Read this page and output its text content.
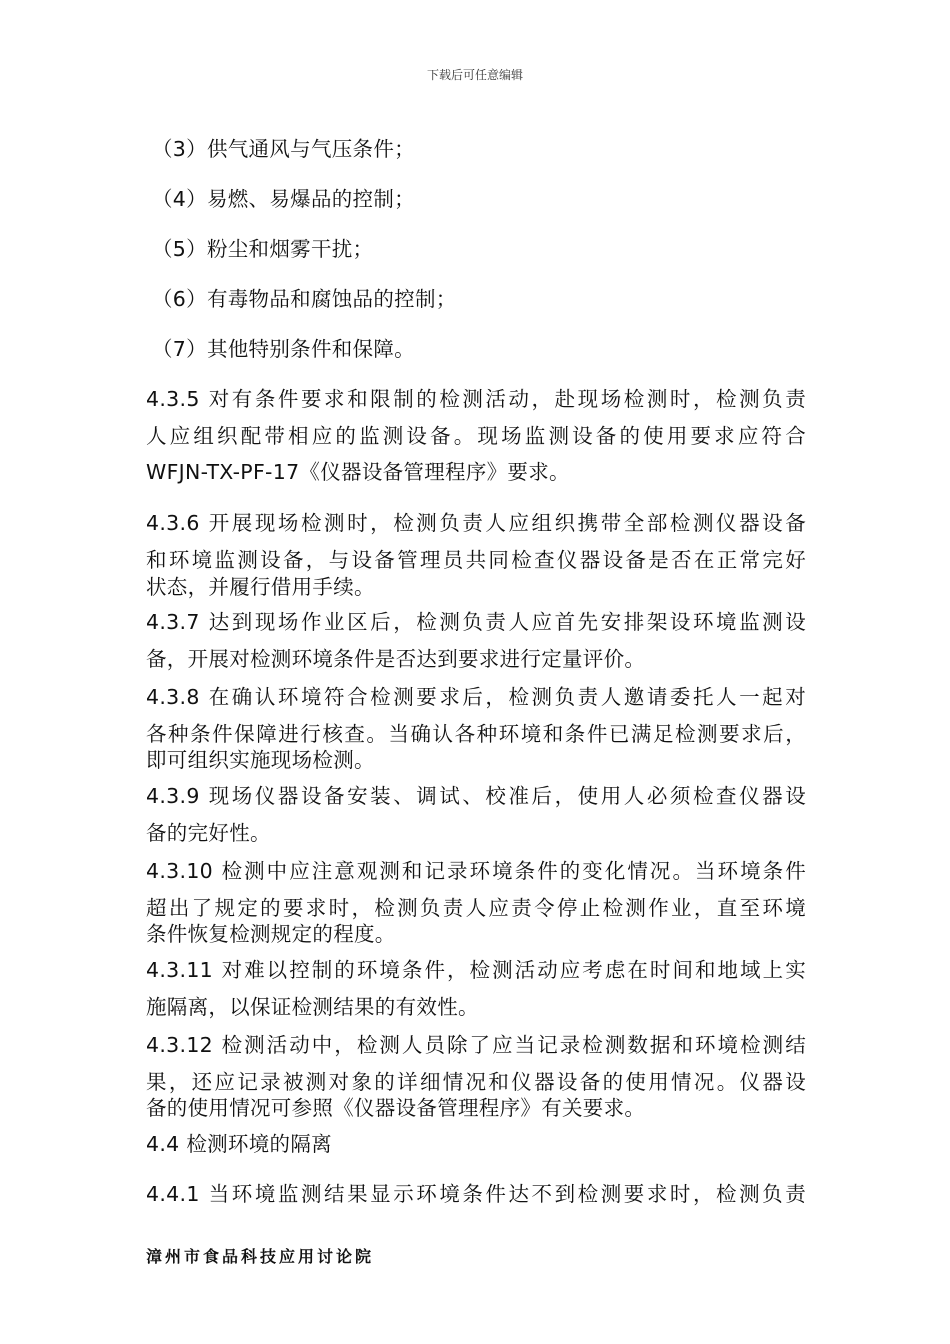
下载后可任意编辑
（3）供气通风与气压条件；
（4）易燃、易爆品的控制；
（5）粉尘和烟雾干扰；
（6）有毒物品和腐蚀品的控制；
（7）其他特别条件和保障。
4.3.5 对有条件要求和限制的检测活动，赴现场检测时，检测负责
人应组织配带相应的监测设备。现场监测设备的使用要求应符合
WFJN-TX-PF-17《仪器设备管理程序》要求。
4.3.6 开展现场检测时，检测负责人应组织携带全部检测仪器设备
和环境监测设备，与设备管理员共同检查仪器设备是否在正常完好
状态，并履行借用手续。
4.3.7 达到现场作业区后，检测负责人应首先安排架设环境监测设
备，开展对检测环境条件是否达到要求进行定量评价。
4.3.8 在确认环境符合检测要求后，检测负责人邀请委托人一起对
各种条件保障进行核查。当确认各种环境和条件已满足检测要求后，
即可组织实施现场检测。
4.3.9 现场仪器设备安装、调试、校准后，使用人必须检查仪器设
备的完好性。
4.3.10 检测中应注意观测和记录环境条件的变化情况。当环境条件
超出了规定的要求时，检测负责人应责令停止检测作业，直至环境
条件恢复检测规定的程度。
4.3.11 对难以控制的环境条件，检测活动应考虑在时间和地域上实
施隔离，以保证检测结果的有效性。
4.3.12 检测活动中，检测人员除了应当记录检测数据和环境检测结
果，还应记录被测对象的详细情况和仪器设备的使用情况。仪器设
备的使用情况可参照《仪器设备管理程序》有关要求。
4.4 检测环境的隔离
4.4.1 当环境监测结果显示环境条件达不到检测要求时，检测负责
漳州市食品科技应用讨论院
